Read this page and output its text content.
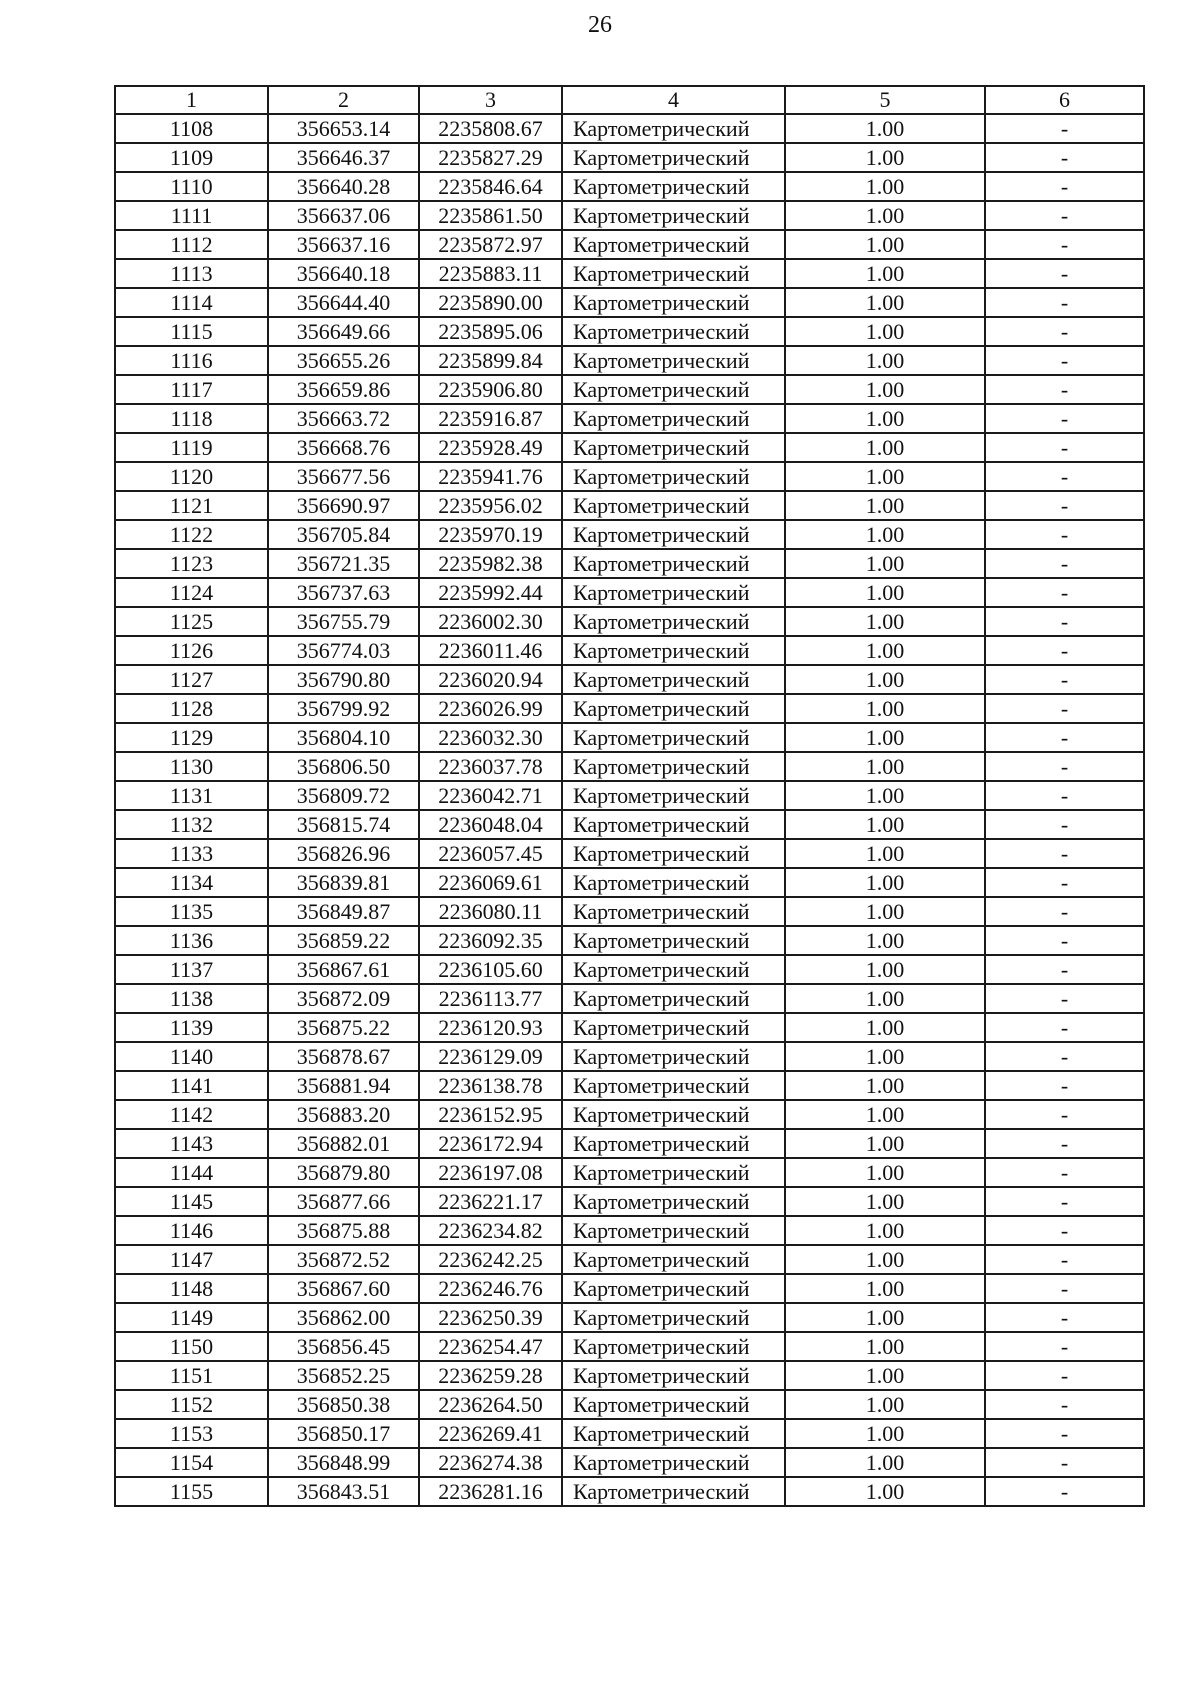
26
1	2	3	4	5	6
1108	356653.14	2235808.67	Картометрический	1.00	-
1109	356646.37	2235827.29	Картометрический	1.00	-
1110	356640.28	2235846.64	Картометрический	1.00	-
1111	356637.06	2235861.50	Картометрический	1.00	-
1112	356637.16	2235872.97	Картометрический	1.00	-
1113	356640.18	2235883.11	Картометрический	1.00	-
1114	356644.40	2235890.00	Картометрический	1.00	-
1115	356649.66	2235895.06	Картометрический	1.00	-
1116	356655.26	2235899.84	Картометрический	1.00	-
1117	356659.86	2235906.80	Картометрический	1.00	-
1118	356663.72	2235916.87	Картометрический	1.00	-
1119	356668.76	2235928.49	Картометрический	1.00	-
1120	356677.56	2235941.76	Картометрический	1.00	-
1121	356690.97	2235956.02	Картометрический	1.00	-
1122	356705.84	2235970.19	Картометрический	1.00	-
1123	356721.35	2235982.38	Картометрический	1.00	-
1124	356737.63	2235992.44	Картометрический	1.00	-
1125	356755.79	2236002.30	Картометрический	1.00	-
1126	356774.03	2236011.46	Картометрический	1.00	-
1127	356790.80	2236020.94	Картометрический	1.00	-
1128	356799.92	2236026.99	Картометрический	1.00	-
1129	356804.10	2236032.30	Картометрический	1.00	-
1130	356806.50	2236037.78	Картометрический	1.00	-
1131	356809.72	2236042.71	Картометрический	1.00	-
1132	356815.74	2236048.04	Картометрический	1.00	-
1133	356826.96	2236057.45	Картометрический	1.00	-
1134	356839.81	2236069.61	Картометрический	1.00	-
1135	356849.87	2236080.11	Картометрический	1.00	-
1136	356859.22	2236092.35	Картометрический	1.00	-
1137	356867.61	2236105.60	Картометрический	1.00	-
1138	356872.09	2236113.77	Картометрический	1.00	-
1139	356875.22	2236120.93	Картометрический	1.00	-
1140	356878.67	2236129.09	Картометрический	1.00	-
1141	356881.94	2236138.78	Картометрический	1.00	-
1142	356883.20	2236152.95	Картометрический	1.00	-
1143	356882.01	2236172.94	Картометрический	1.00	-
1144	356879.80	2236197.08	Картометрический	1.00	-
1145	356877.66	2236221.17	Картометрический	1.00	-
1146	356875.88	2236234.82	Картометрический	1.00	-
1147	356872.52	2236242.25	Картометрический	1.00	-
1148	356867.60	2236246.76	Картометрический	1.00	-
1149	356862.00	2236250.39	Картометрический	1.00	-
1150	356856.45	2236254.47	Картометрический	1.00	-
1151	356852.25	2236259.28	Картометрический	1.00	-
1152	356850.38	2236264.50	Картометрический	1.00	-
1153	356850.17	2236269.41	Картометрический	1.00	-
1154	356848.99	2236274.38	Картометрический	1.00	-
1155	356843.51	2236281.16	Картометрический	1.00	-
